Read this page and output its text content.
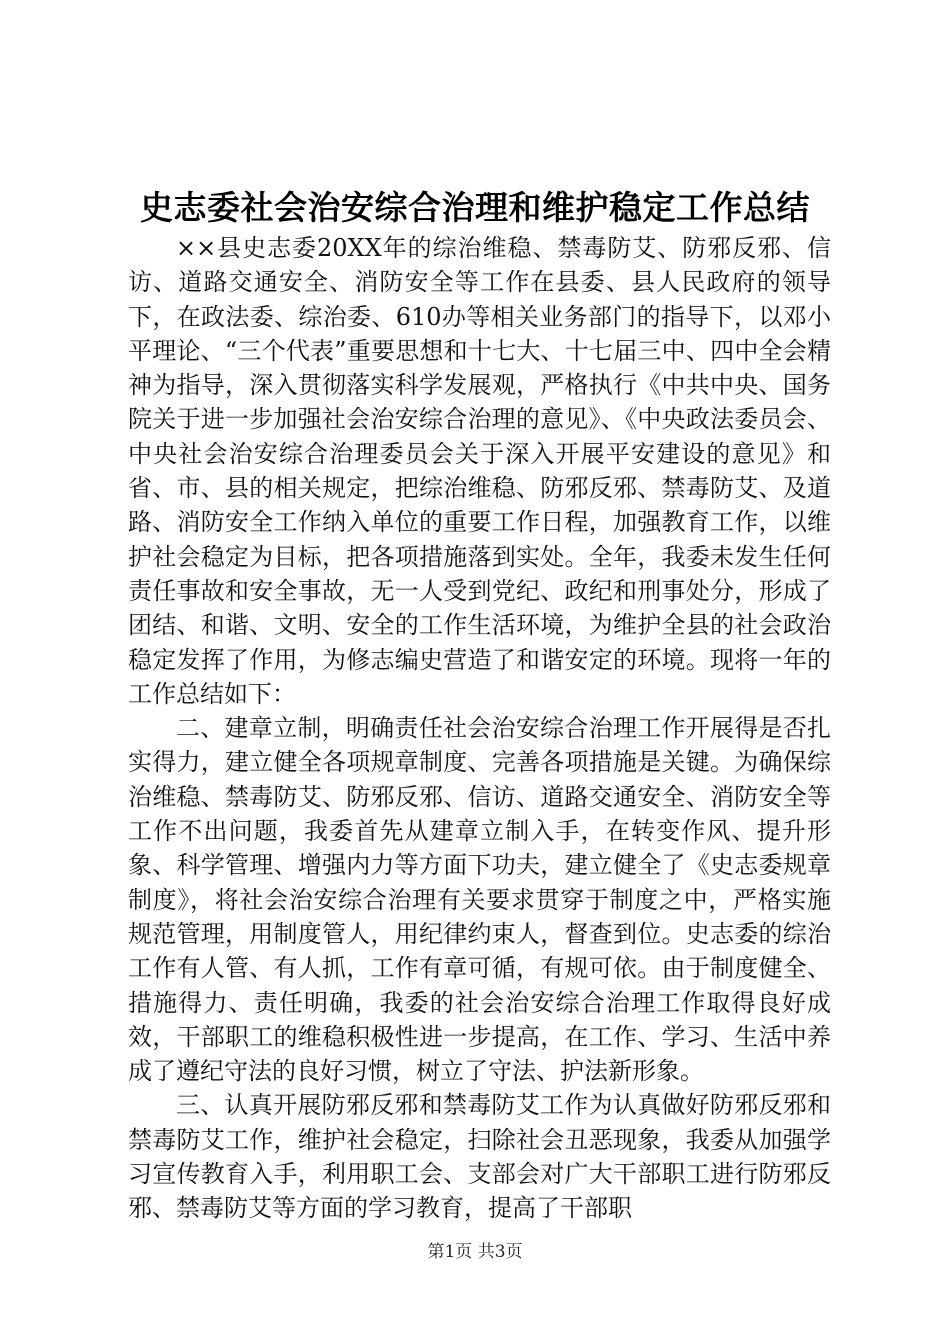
史志委社会治安综合治理和维护稳定工作总结

××县史志委20XX年的综治维稳、禁毒防艾、防邪反邪、信访、道路交通安全、消防安全等工作在县委、县人民政府的领导下，在政法委、综治委、610办等相关业务部门的指导下，以邓小平理论、“三个代表”重要思想和十七大、十七届三中、四中全会精神为指导，深入贯彻落实科学发展观，严格执行《中共中央、国务院关于进一步加强社会治安综合治理的意见》、《中央政法委员会、中央社会治安综合治理委员会关于深入开展平安建设的意见》和省、市、县的相关规定，把综治维稳、防邪反邪、禁毒防艾、及道路、消防安全工作纳入单位的重要工作日程，加强教育工作，以维护社会稳定为目标，把各项措施落到实处。全年，我委未发生任何责任事故和安全事故，无一人受到党纪、政纪和刑事处分，形成了团结、和谐、文明、安全的工作生活环境，为维护全县的社会政治稳定发挥了作用，为修志编史营造了和谐安定的环境。现将一年的工作总结如下：

二、建章立制，明确责任社会治安综合治理工作开展得是否扎实得力，建立健全各项规章制度、完善各项措施是关键。为确保综治维稳、禁毒防艾、防邪反邪、信访、道路交通安全、消防安全等工作不出问题，我委首先从建章立制入手，在转变作风、提升形象、科学管理、增强内力等方面下功夫，建立健全了《史志委规章制度》，将社会治安综合治理有关要求贯穿于制度之中，严格实施规范管理，用制度管人，用纪律约束人，督查到位。史志委的综治工作有人管、有人抓，工作有章可循，有规可依。由于制度健全、措施得力、责任明确，我委的社会治安综合治理工作取得良好成效，干部职工的维稳积极性进一步提高，在工作、学习、生活中养成了遵纪守法的良好习惯，树立了守法、护法新形象。

三、认真开展防邪反邪和禁毒防艾工作为认真做好防邪反邪和禁毒防艾工作，维护社会稳定，扫除社会丑恶现象，我委从加强学习宣传教育入手，利用职工会、支部会对广大干部职工进行防邪反邪、禁毒防艾等方面的学习教育，提高了干部职

第1页 共3页
